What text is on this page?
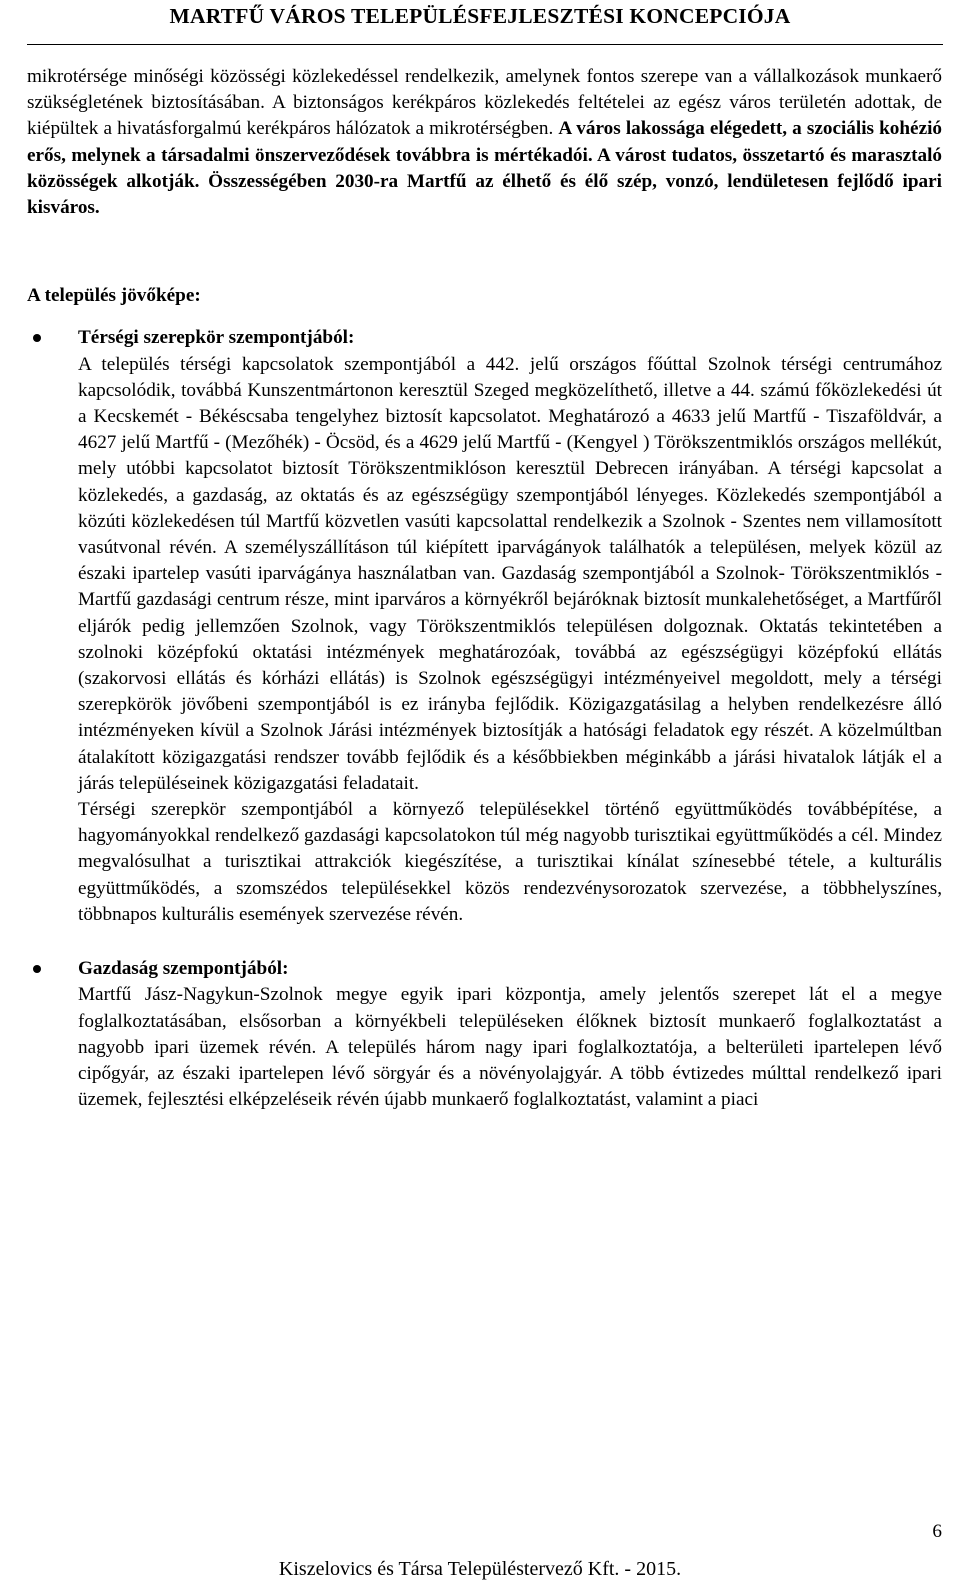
MARTFŰ VÁROS TELEPÜLÉSFEJLESZTÉSI KONCEPCIÓJA

mikrotérsége minőségi közösségi közlekedéssel rendelkezik, amelynek fontos szerepe van a vállalkozások munkaerő szükségletének biztosításában. A biztonságos kerékpáros közlekedés feltételei az egész város területén adottak, de kiépültek a hivatásforgalmú kerékpáros hálózatok a mikrotérségben. A város lakossága elégedett, a szociális kohézió erős, melynek a társadalmi önszerveződések továbbra is mértékadói. A várost tudatos, összetartó és marasztaló közösségek alkotják. Összességében 2030-ra Martfű az élhető és élő szép, vonzó, lendületesen fejlődő ipari kisváros.

A település jövőképe:

Térségi szerepkör szempontjából:

A település térségi kapcsolatok szempontjából a 442. jelű országos főúttal Szolnok térségi centrumához kapcsolódik, továbbá Kunszentmártonon keresztül Szeged megközelíthető, illetve a 44. számú főközlekedési út a Kecskemét - Békéscsaba tengelyhez biztosít kapcsolatot. Meghatározó a 4633 jelű Martfű - Tiszaföldvár, a 4627 jelű Martfű - (Mezőhék) - Öcsöd, és a 4629 jelű Martfű - (Kengyel ) Törökszentmiklós országos mellékút, mely utóbbi kapcsolatot biztosít Törökszentmiklóson keresztül Debrecen irányában. A térségi kapcsolat a közlekedés, a gazdaság, az oktatás és az egészségügy szempontjából lényeges. Közlekedés szempontjából a közúti közlekedésen túl Martfű közvetlen vasúti kapcsolattal rendelkezik a Szolnok - Szentes nem villamosított vasútvonal révén. A személyszállításon túl kiépített iparvágányok találhatók a településen, melyek közül az északi ipartelep vasúti iparvágánya használatban van. Gazdaság szempontjából a Szolnok- Törökszentmiklós - Martfű gazdasági centrum része, mint iparváros a környékről bejáróknak biztosít munkalehetőséget, a Martfűről eljárók pedig jellemzően Szolnok, vagy Törökszentmiklós településen dolgoznak. Oktatás tekintetében a szolnoki középfokú oktatási intézmények meghatározóak, továbbá az egészségügyi középfokú ellátás (szakorvosi ellátás és kórházi ellátás) is Szolnok egészségügyi intézményeivel megoldott, mely a térségi szerepkörök jövőbeni szempontjából is ez irányba fejlődik. Közigazgatásilag a helyben rendelkezésre álló intézményeken kívül a Szolnok Járási intézmények biztosítják a hatósági feladatok egy részét. A közelmúltban átalakított közigazgatási rendszer tovább fejlődik és a későbbiekben méginkább a járási hivatalok látják el a járás településeinek közigazgatási feladatait.

Térségi szerepkör szempontjából a környező településekkel történő együttműködés továbbépítése, a hagyományokkal rendelkező gazdasági kapcsolatokon túl még nagyobb turisztikai együttműködés a cél. Mindez megvalósulhat a turisztikai attrakciók kiegészítése, a turisztikai kínálat színesebbé tétele, a kulturális együttműködés, a szomszédos településekkel közös rendezvénysorozatok szervezése, a többhelyszínes, többnapos kulturális események szervezése révén.

Gazdaság szempontjából:

Martfű Jász-Nagykun-Szolnok megye egyik ipari központja, amely jelentős szerepet lát el a megye foglalkoztatásában, elsősorban a környékbeli településeken élőknek biztosít munkaerő foglalkoztatást a nagyobb ipari üzemek révén. A település három nagy ipari foglalkoztatója, a belterületi ipartelepen lévő cipőgyár, az északi ipartelepen lévő sörgyár és a növényolajgyár. A több évtizedes múlttal rendelkező ipari üzemek, fejlesztési elképzeléseik révén újabb munkaerő foglalkoztatást, valamint a piaci

6
Kiszelovics és Társa Településtervező Kft. - 2015.
